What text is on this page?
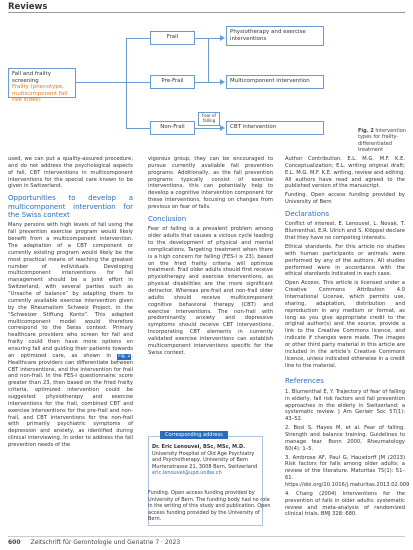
Reviews
Fall and frailty screening
Frailty (phenotype, multicomponent fall risk index)
Frail
Pre-Frail
Non-Frail
Fear of falling
Physiotherapy and exercise interventions
Multicomponent intervention
CBT intervention
Fig. 2 Intervention types for frailty-differentiated treatment

used, we can put a quality-assured procedure, and do not address the psychological aspects of fall, CBT interventions in multicomponent interventions for the special care known to be given in Switzerland.

Opportunities to develop a multicomponent intervention for the Swiss context

Many persons with high levels of fall using the fall prevention exercise program would likely benefit from a multicomponent intervention. The adaptation of a CBT component or currently existing program would likely be the most practical means of reaching the greatest number of individuals. Developing multicomponent interventions for fall management should be a joint effort in Switzerland, with several parties such as “Ursache of balance” by adapting them to currently available exercise intervention given by the Rheumatism Schweiz Project, in the “Schweizer Stiftung Konto”. This adapted multicomponent model would therefore correspond to the Swiss context. Primary healthcare providers who screen for fall and frailty could then have more options on ensuring fall and guiding their patients towards an optimized care, as shown in Fig. 2. Healthcare providers can differentiate between CBT interventions, and the intervention for frail and non-frail. In the FES-I questionnaire: score greater than 23, then based on the fried frailty criteria, optimized intervention could be suggested: physiotherapy and exercise interventions for the frail, combined CBT and exercise interventions for the pre-frail and non-frail, and CBT interventions for the non-frail with primarily psychiatric symptoms of depression and anxiety, as identified during clinical interviewing. In order to address the fall prevention needs of the

vigorous group, they can be encouraged to pursue currently available fall prevention programs. Additionally, as the fall prevention programs typically consist of exercise interventions, this can potentially help to develop a cognitive intervention component for these interventions, focusing on changes from previous on fear of falls.

Conclusion

Fear of falling is a prevalent problem among older adults that causes a vicious cycle leading to the development of physical and mental complications. Targeting treatment when there is a high concern for falling (FES-I ≥ 23), based on the fried frailty criteria will optimize treatment. Frail older adults should first receive physiotherapy and exercise interventions, as physical disabilities are the more significant detractor. Whereas pre-frail and non-frail older adults should receive multicomponent cognitive behavioral therapy (CBT) and exercise interventions. The non-frail with predominantly anxiety and depressive symptoms should receive CBT interventions. Incorporating CBT elements in currently validated exercise interventions can establish multicomponent interventions specific for the Swiss context.

Corresponding address
Dr. Eric Lenouvel, BSc, MSc, M.D.
University Hospital of Old Age Psychiatry and Psychotherapy, University of Bern
Murtenstrasse 21, 3008 Bern, Switzerland
eric.lenouvel@upd.unibe.ch
Funding. Open access funding provided by University of Bern. The funding body had no role in the writing of this study and publication. Open access funding provided by the University of Bern.

Author Contribution. E.L. M.G. M.F. K.E. Conceptualization; E.L. writing original draft; E.L. M.G. M.F. K.E. writing, review and editing. All authors have read and agreed to the published version of the manuscript.

Funding. Open access funding provided by University of Bern

Declarations

Conflict of interest. E. Lenouvel, L. Novak, T. Blumenthal, E.R. Ulrich and S. Klöppel declare that they have no competing interests.

Ethical standards. For this article no studies with human participants or animals were performed by any of the authors. All studies performed were in accordance with the ethical standards indicated in each case.

Open Access. This article is licensed under a Creative Commons Attribution 4.0 International License, which permits use, sharing, adaptation, distribution and reproduction in any medium or format, as long as you give appropriate credit to the original author(s) and the source, provide a link to the Creative Commons licence, and indicate if changes were made. The images or other third party material in this article are included in the article’s Creative Commons licence, unless indicated otherwise in a credit line to the material.

References
1. Blumenthal E, Y. Trajectory of fear of falling in elderly, fall risk factors and fall prevention approaches in the elderly in Switzerland: a systematic review. J Am Geriatr Soc 57(1): 43–52.
2. Bosl S, Hayes M, et al. Fear of falling. Strength and balance training. Guidelines to manage fear. Bonn 2000, Rheumatology 60(4): 1–5.
3. Ambrose AF, Paul G, Hausdorff JM (2013) Risk factors for falls among older adults: a review of the literature. Maturitas 75(1): 51–61. https://doi.org/10.1016/j.maturitas.2013.02.009
4. Chang (2004) Interventions for the prevention of falls in older adults: systematic review and meta-analysis of randomized clinical trials. BMJ 328: 680.
600 Zeitschrift für Gerontologie und Geriatrie 7 · 2023
